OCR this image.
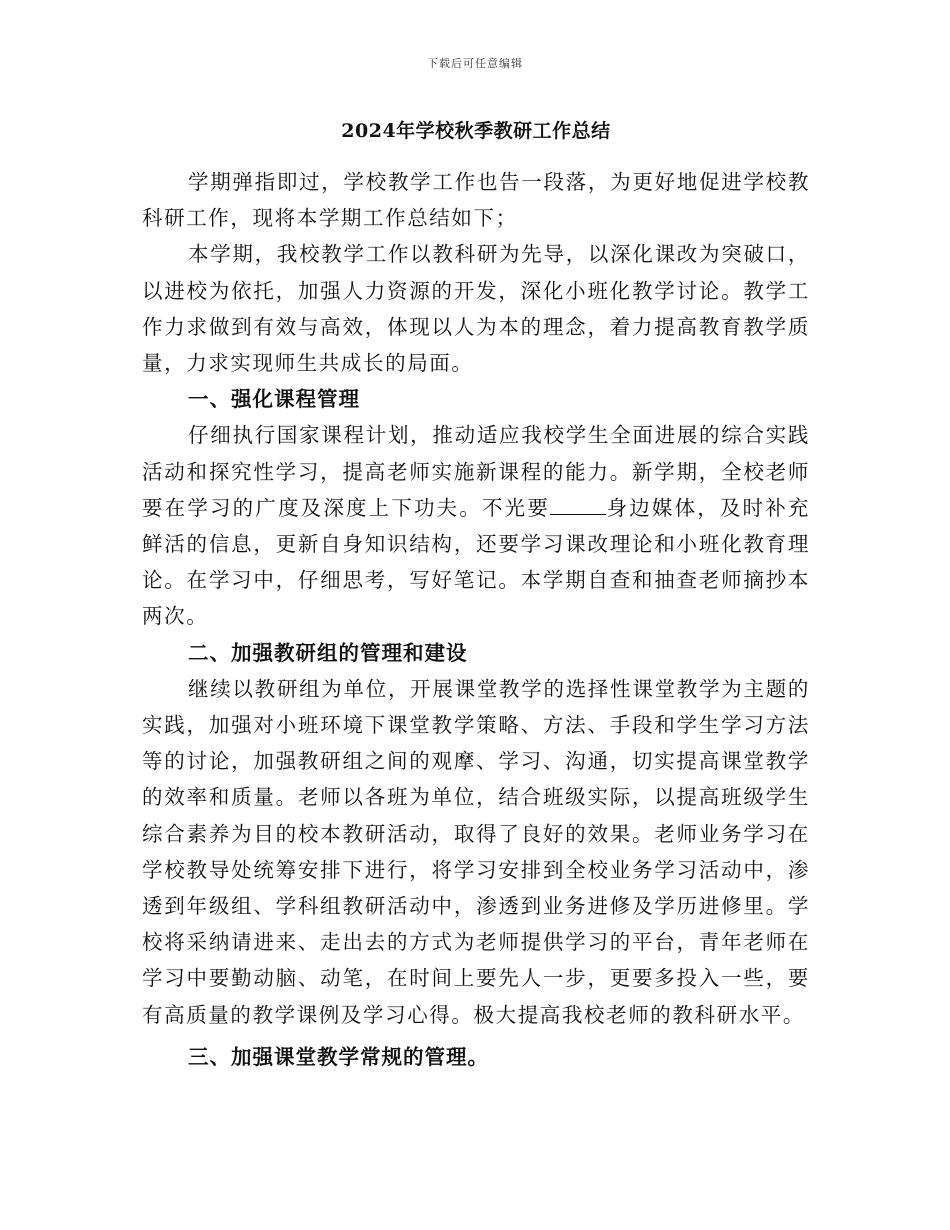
下载后可任意编辑
2024年学校秋季教研工作总结

学期弹指即过，学校教学工作也告一段落，为更好地促进学校教科研工作，现将本学期工作总结如下；

本学期，我校教学工作以教科研为先导，以深化课改为突破口，以进校为依托，加强人力资源的开发，深化小班化教学讨论。教学工作力求做到有效与高效，体现以人为本的理念，着力提高教育教学质量，力求实现师生共成长的局面。

一、强化课程管理

仔细执行国家课程计划，推动适应我校学生全面进展的综合实践活动和探究性学习，提高老师实施新课程的能力。新学期，全校老师要在学习的广度及深度上下功夫。不光要	身边媒体，及时补充鲜活的信息，更新自身知识结构，还要学习课改理论和小班化教育理论。在学习中，仔细思考，写好笔记。本学期自查和抽查老师摘抄本两次。

二、加强教研组的管理和建设

继续以教研组为单位，开展课堂教学的选择性课堂教学为主题的实践，加强对小班环境下课堂教学策略、方法、手段和学生学习方法等的讨论，加强教研组之间的观摩、学习、沟通，切实提高课堂教学的效率和质量。老师以各班为单位，结合班级实际，以提高班级学生综合素养为目的校本教研活动，取得了良好的效果。老师业务学习在学校教导处统筹安排下进行，将学习安排到全校业务学习活动中，渗透到年级组、学科组教研活动中，渗透到业务进修及学历进修里。学校将采纳请进来、走出去的方式为老师提供学习的平台，青年老师在学习中要勤动脑、动笔，在时间上要先人一步，更要多投入一些，要有高质量的教学课例及学习心得。极大提高我校老师的教科研水平。

三、加强课堂教学常规的管理。
